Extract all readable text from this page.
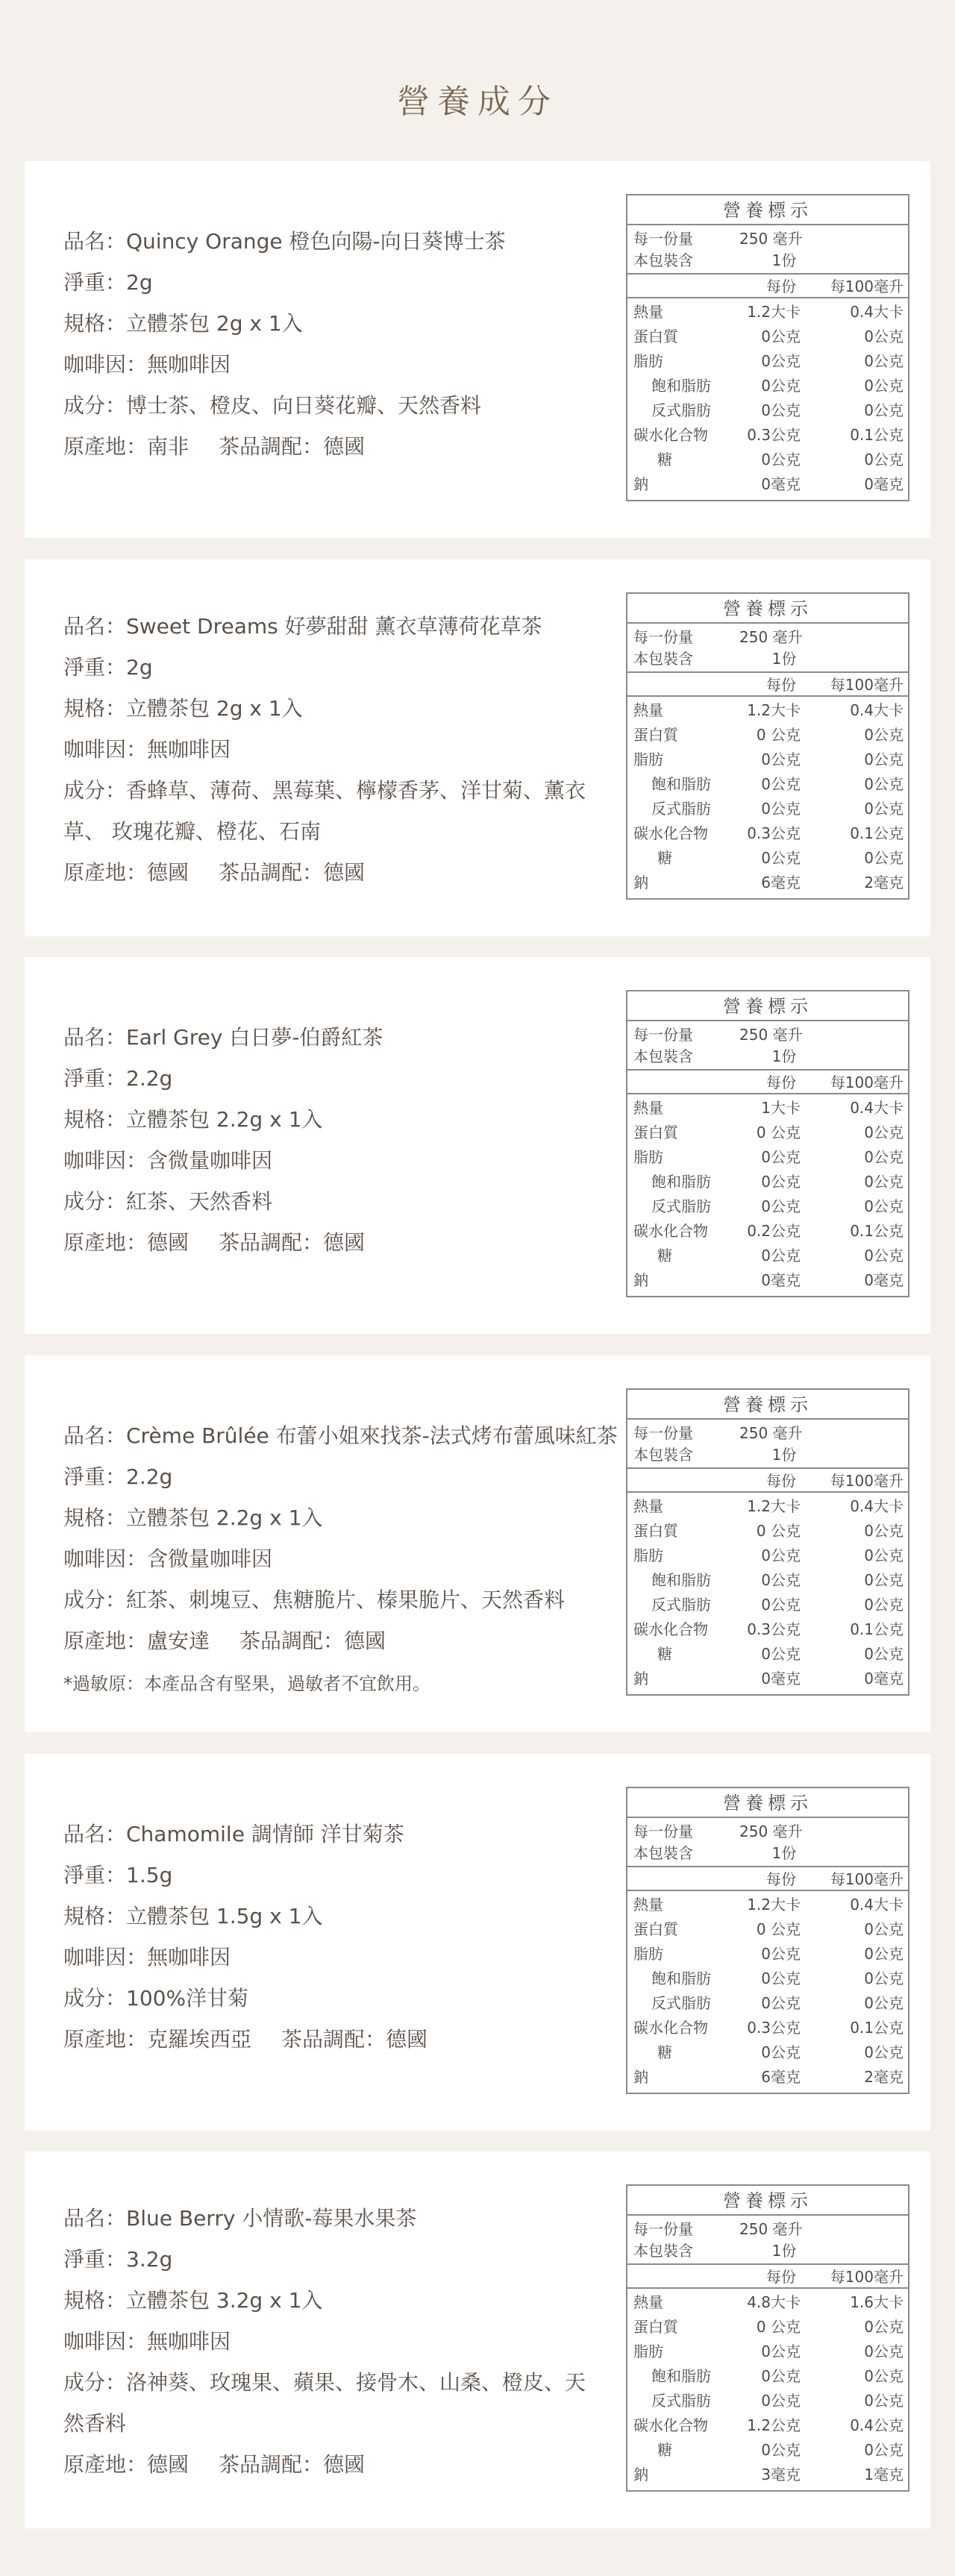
營養成分
品名：Quincy Orange 橙色向陽-向日葵博士茶
淨重：2g
規格：立體茶包 2g x 1入
咖啡因：無咖啡因
成分：博士茶、橙皮、向日葵花瓣、天然香料
原產地：南非 茶品調配：德國
營養標示
每一份量	250 毫升
本包裝含	1份
每份	每100毫升
熱量	1.2大卡	0.4大卡
蛋白質	0公克	0公克
脂肪	0公克	0公克
飽和脂肪	0公克	0公克
反式脂肪	0公克	0公克
碳水化合物	0.3公克	0.1公克
糖	0公克	0公克
鈉	0毫克	0毫克
品名：Sweet Dreams 好夢甜甜 薰衣草薄荷花草茶
淨重：2g
規格：立體茶包 2g x 1入
咖啡因：無咖啡因
成分：香蜂草、薄荷、黑莓葉、檸檬香茅、洋甘菊、薰衣草、 玫瑰花瓣、橙花、石南
原產地：德國 茶品調配：德國
營養標示
每一份量	250 毫升
本包裝含	1份
每份	每100毫升
熱量	1.2大卡	0.4大卡
蛋白質	0 公克	0公克
脂肪	0公克	0公克
飽和脂肪	0公克	0公克
反式脂肪	0公克	0公克
碳水化合物	0.3公克	0.1公克
糖	0公克	0公克
鈉	6毫克	2毫克
品名：Earl Grey 白日夢-伯爵紅茶
淨重：2.2g
規格：立體茶包 2.2g x 1入
咖啡因：含微量咖啡因
成分：紅茶、天然香料
原產地：德國 茶品調配：德國
營養標示
每一份量	250 毫升
本包裝含	1份
每份	每100毫升
熱量	1大卡	0.4大卡
蛋白質	0 公克	0公克
脂肪	0公克	0公克
飽和脂肪	0公克	0公克
反式脂肪	0公克	0公克
碳水化合物	0.2公克	0.1公克
糖	0公克	0公克
鈉	0毫克	0毫克
品名：Crème Brûlée 布蕾小姐來找茶-法式烤布蕾風味紅茶
淨重：2.2g
規格：立體茶包 2.2g x 1入
咖啡因：含微量咖啡因
成分：紅茶、刺塊豆、焦糖脆片、榛果脆片、天然香料
原產地：盧安達 茶品調配：德國
*過敏原：本產品含有堅果，過敏者不宜飲用。
營養標示
每一份量	250 毫升
本包裝含	1份
每份	每100毫升
熱量	1.2大卡	0.4大卡
蛋白質	0 公克	0公克
脂肪	0公克	0公克
飽和脂肪	0公克	0公克
反式脂肪	0公克	0公克
碳水化合物	0.3公克	0.1公克
糖	0公克	0公克
鈉	0毫克	0毫克
品名：Chamomile 調情師 洋甘菊茶
淨重：1.5g
規格：立體茶包 1.5g x 1入
咖啡因：無咖啡因
成分：100%洋甘菊
原產地：克羅埃西亞 茶品調配：德國
營養標示
每一份量	250 毫升
本包裝含	1份
每份	每100毫升
熱量	1.2大卡	0.4大卡
蛋白質	0 公克	0公克
脂肪	0公克	0公克
飽和脂肪	0公克	0公克
反式脂肪	0公克	0公克
碳水化合物	0.3公克	0.1公克
糖	0公克	0公克
鈉	6毫克	2毫克
品名：Blue Berry 小情歌-莓果水果茶
淨重：3.2g
規格：立體茶包 3.2g x 1入
咖啡因：無咖啡因
成分：洛神葵、玫瑰果、蘋果、接骨木、山桑、橙皮、天然香料
原產地：德國 茶品調配：德國
營養標示
每一份量	250 毫升
本包裝含	1份
每份	每100毫升
熱量	4.8大卡	1.6大卡
蛋白質	0 公克	0公克
脂肪	0公克	0公克
飽和脂肪	0公克	0公克
反式脂肪	0公克	0公克
碳水化合物	1.2公克	0.4公克
糖	0公克	0公克
鈉	3毫克	1毫克
